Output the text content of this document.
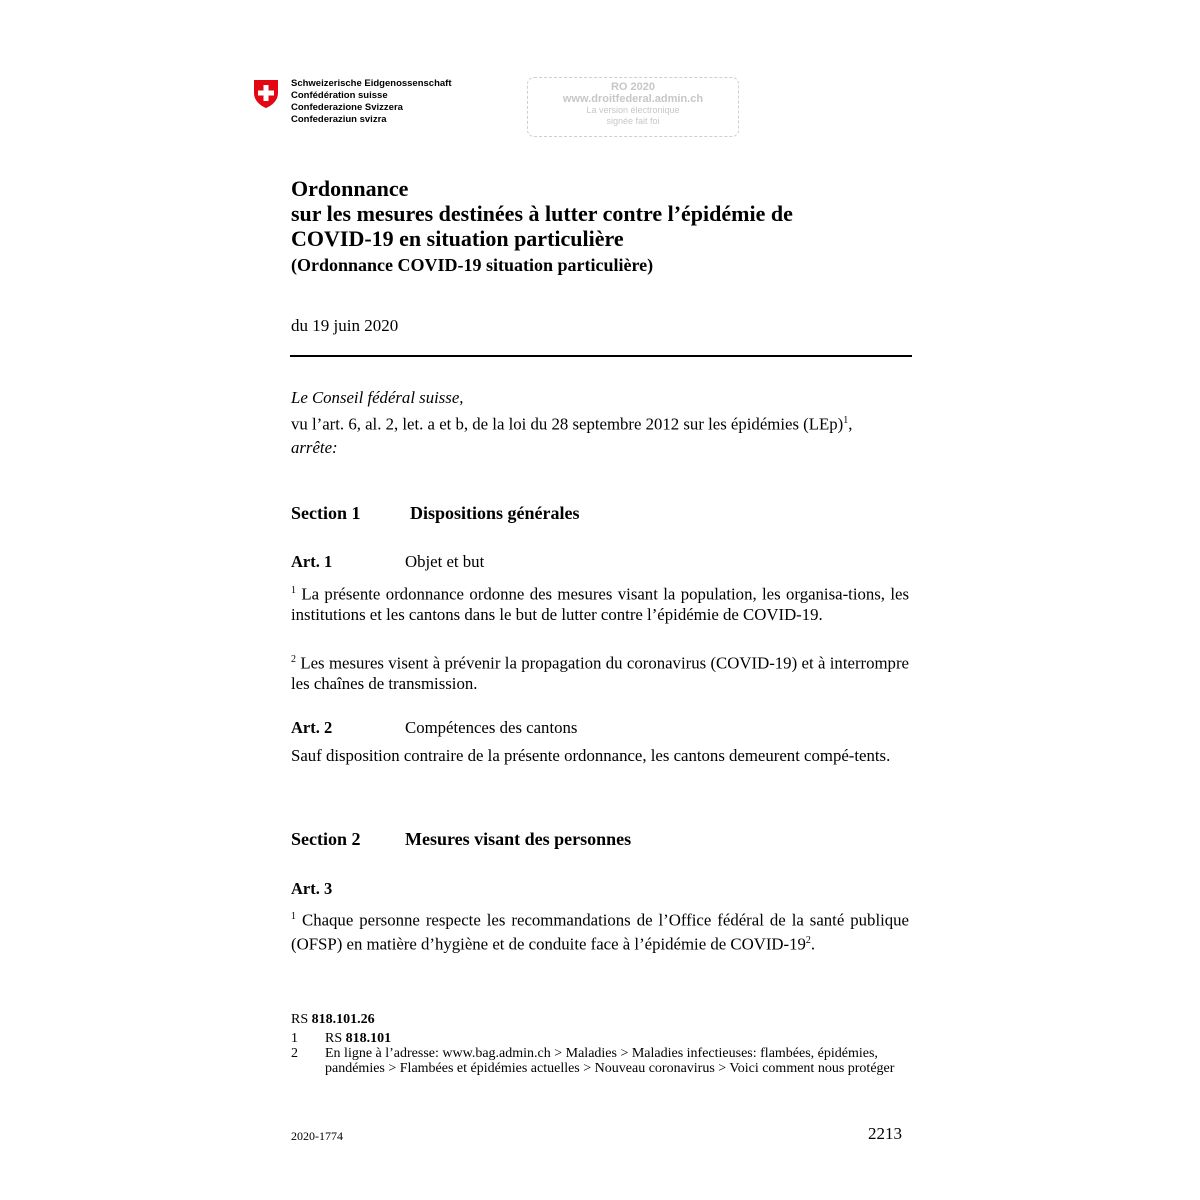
Schweizerische Eidgenossenschaft
Confédération suisse
Confederazione Svizzera
Confederaziun svizra
RO 2020
www.droitfederal.admin.ch
La version électronique
signée fait foi
Ordonnance
sur les mesures destinées à lutter contre l’épidémie de
COVID-19 en situation particulière
(Ordonnance COVID-19 situation particulière)
du 19 juin 2020
Le Conseil fédéral suisse,
vu l’art. 6, al. 2, let. a et b, de la loi du 28 septembre 2012 sur les épidémies (LEp)$^1$,
arrête:
Section 1	Dispositions générales
Art. 1	Objet et but
$^1$ La présente ordonnance ordonne des mesures visant la population, les organisa-tions, les institutions et les cantons dans le but de lutter contre l’épidémie de COVID-19.
$^2$ Les mesures visent à prévenir la propagation du coronavirus (COVID-19) et à interrompre les chaînes de transmission.
Art. 2	Compétences des cantons
Sauf disposition contraire de la présente ordonnance, les cantons demeurent compé-tents.
Section 2 Mesures visant des personnes
Art. 3
$^1$ Chaque personne respecte les recommandations de l’Office fédéral de la santé publique (OFSP) en matière d’hygiène et de conduite face à l’épidémie de COVID-$19^2$.
RS 818.101.26
1 RS 818.101
2 En ligne à l’adresse: www.bag.admin.ch > Maladies > Maladies infectieuses: flambées, épidémies, pandémies > Flambées et épidémies actuelles > Nouveau coronavirus > Voici comment nous protéger
2020-1774	2213
